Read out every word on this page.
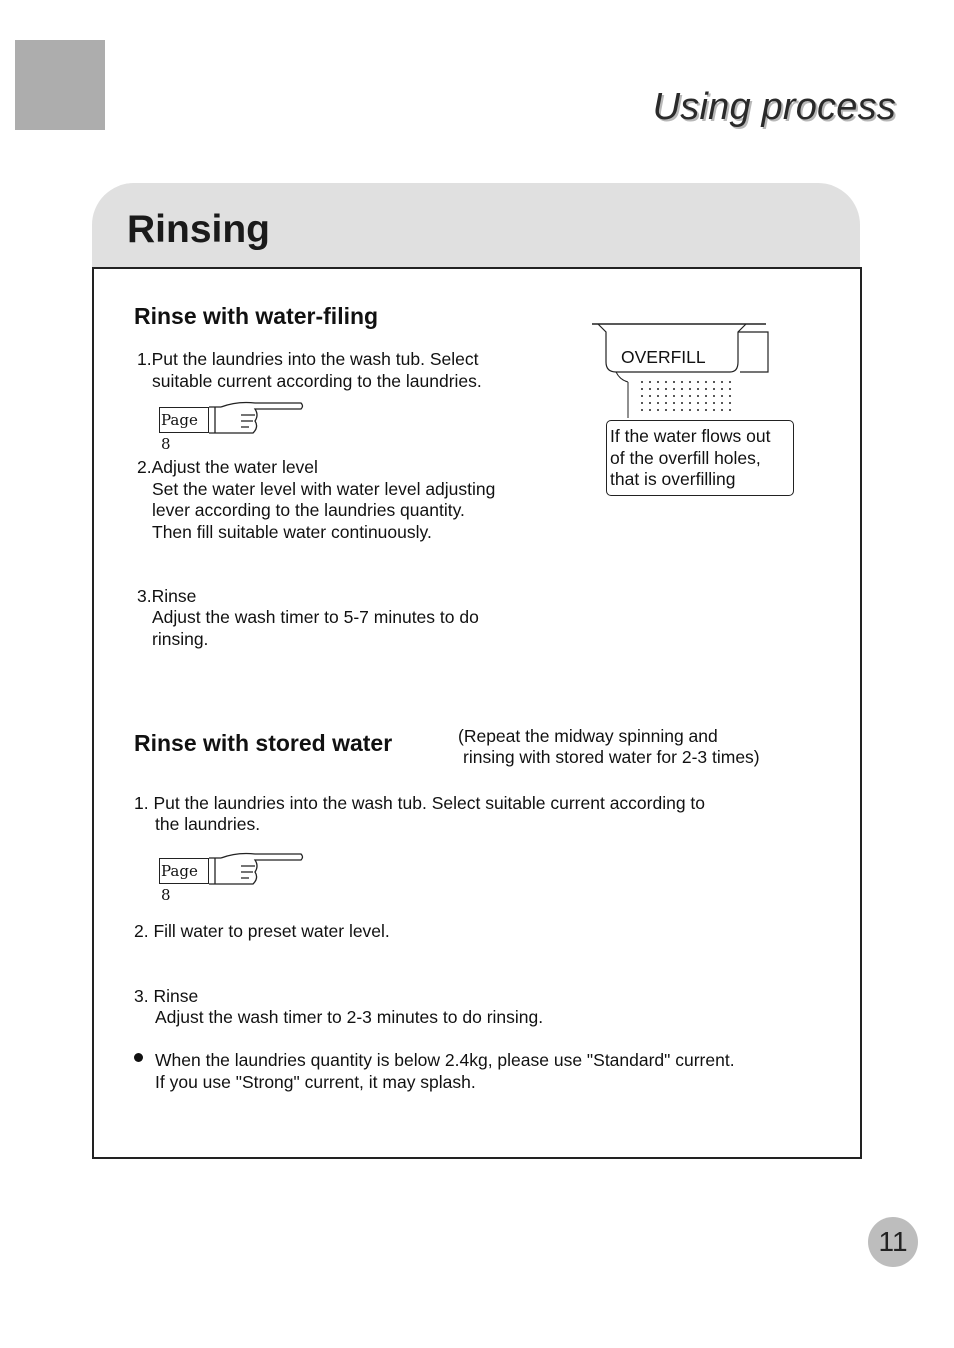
Using process
Rinsing
Rinse with water-filing
1.Put the laundries into the wash tub. Select
suitable current according to the laundries.
Page 8
2.Adjust the water level
Set the water level with water level adjusting
lever according to the laundries quantity.
Then fill suitable water continuously.
3.Rinse
Adjust the wash timer to 5-7 minutes to do
rinsing.
OVERFILL
If the water flows out
of the overfill holes,
that is overfilling
Rinse with stored water	(Repeat the midway spinning and
rinsing with stored water for 2-3 times)
1. Put the laundries into the wash tub. Select suitable current according to
the laundries.
Page 8
2. Fill water to preset water level.
3. Rinse
Adjust the wash timer to 2-3 minutes to do rinsing.
When the laundries quantity is below 2.4kg, please use "Standard" current.
If you use "Strong" current, it may splash.
11
